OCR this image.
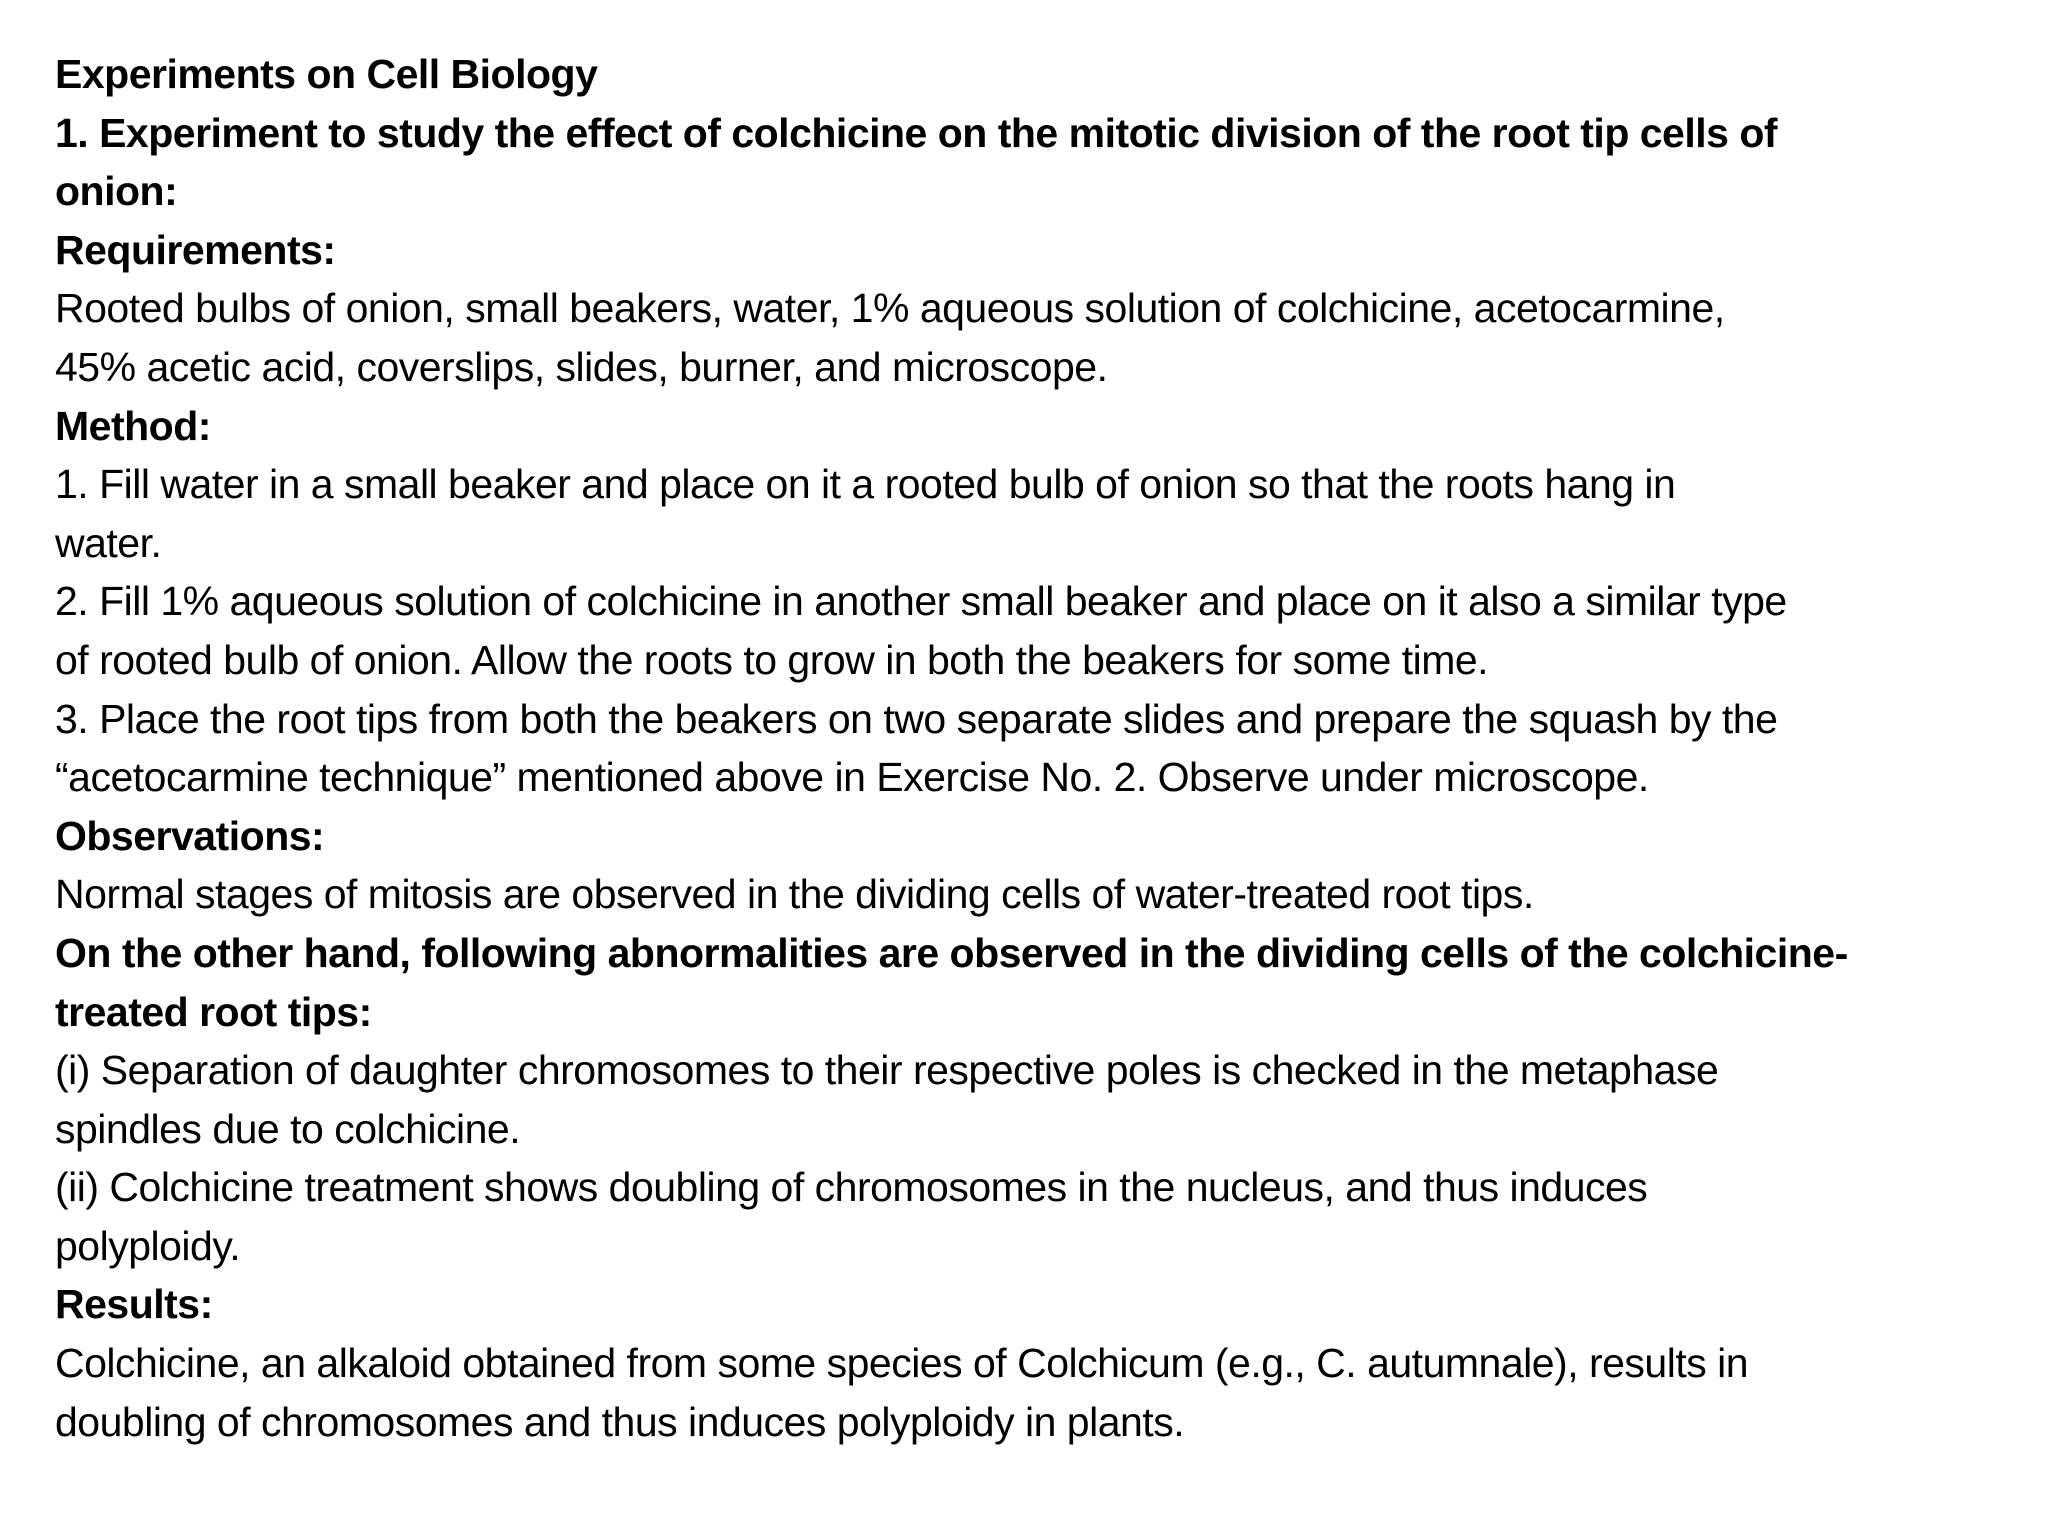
Experiments on Cell Biology
1. Experiment to study the effect of colchicine on the mitotic division of the root tip cells of
onion:
Requirements:
Rooted bulbs of onion, small beakers, water, 1% aqueous solution of colchicine, acetocarmine,
45% acetic acid, coverslips, slides, burner, and microscope.
Method:
1. Fill water in a small beaker and place on it a rooted bulb of onion so that the roots hang in
water.
2. Fill 1% aqueous solution of colchicine in another small beaker and place on it also a similar type
of rooted bulb of onion. Allow the roots to grow in both the beakers for some time.
3. Place the root tips from both the beakers on two separate slides and prepare the squash by the
“acetocarmine technique” mentioned above in Exercise No. 2. Observe under microscope.
Observations:
Normal stages of mitosis are observed in the dividing cells of water-treated root tips.
On the other hand, following abnormalities are observed in the dividing cells of the colchicine-
treated root tips:
(i) Separation of daughter chromosomes to their respective poles is checked in the metaphase
spindles due to colchicine.
(ii) Colchicine treatment shows doubling of chromosomes in the nucleus, and thus induces
polyploidy.
Results:
Colchicine, an alkaloid obtained from some species of Colchicum (e.g., C. autumnale), results in
doubling of chromosomes and thus induces polyploidy in plants.
